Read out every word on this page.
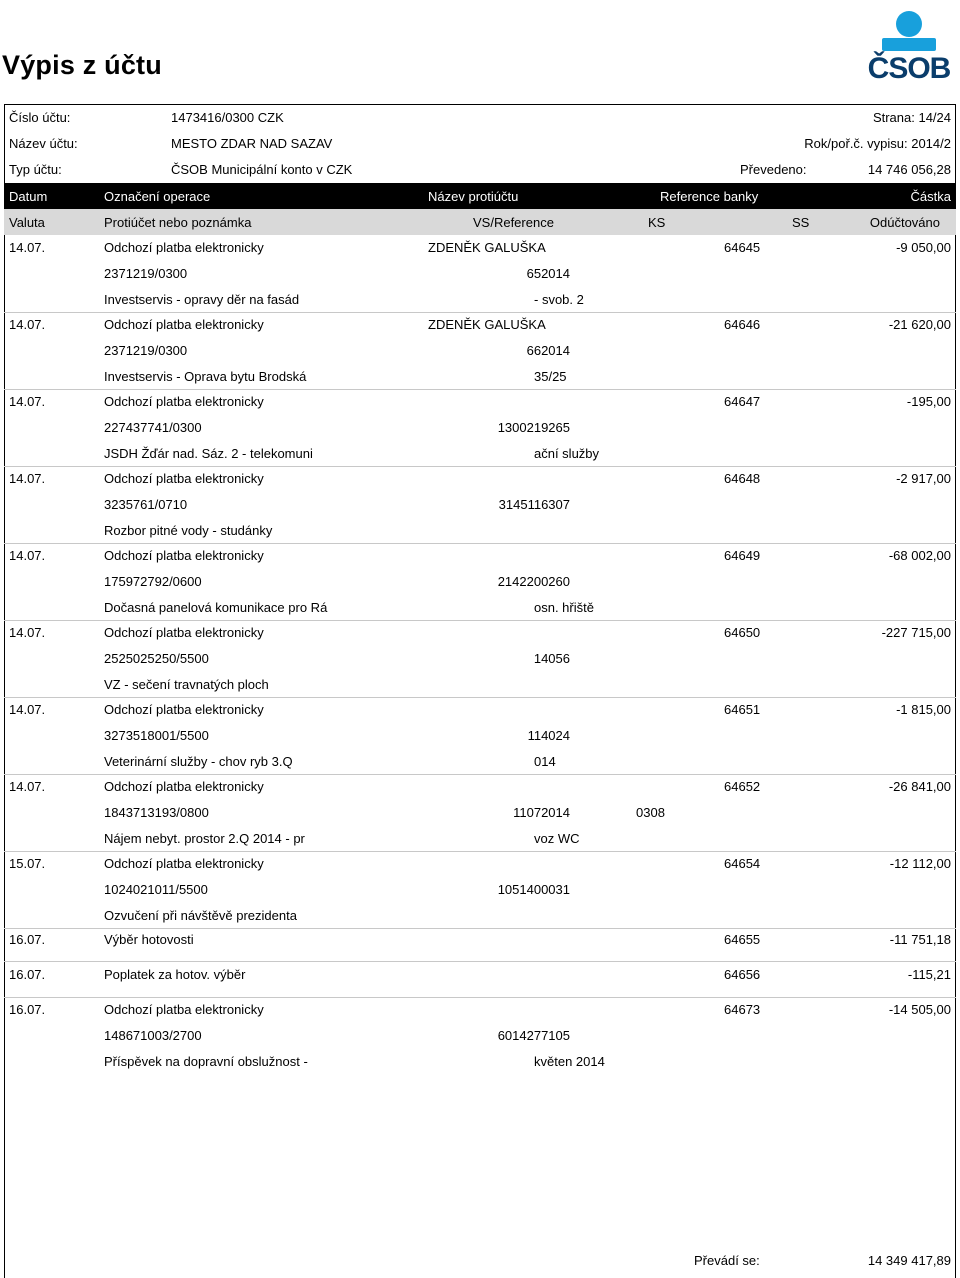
Výpis z účtu	ČSOB
Číslo účtu:	1473416/0300 CZK	Strana: 14/24
Název účtu:	MESTO ZDAR NAD SAZAV	Rok/poř.č. vypisu: 2014/2
Typ účtu:	ČSOB Municipální konto v CZK	Převedeno:	14 746 056,28
Datum	Označení operace	Název protiúčtu	Reference banky	Částka
Valuta	Protiúčet nebo poznámka	VS/Reference	KS	SS	Odúčtováno
14.07.	Odchozí platba elektronicky	ZDENĚK GALUŠKA	64645	-9 050,00
2371219/0300	652014
Investservis - opravy děr na fasád	- svob. 2
14.07.	Odchozí platba elektronicky	ZDENĚK GALUŠKA	64646	-21 620,00
2371219/0300	662014
Investservis - Oprava bytu Brodská	35/25
14.07.	Odchozí platba elektronicky	64647	-195,00
227437741/0300	1300219265
JSDH Žďár nad. Sáz. 2 - telekomuni	ační služby
14.07.	Odchozí platba elektronicky	64648	-2 917,00
3235761/0710	3145116307
Rozbor pitné vody - studánky
14.07.	Odchozí platba elektronicky	64649	-68 002,00
175972792/0600	2142200260
Dočasná panelová komunikace pro Rá	osn. hřiště
14.07.	Odchozí platba elektronicky	64650	-227 715,00
2525025250/5500	14056
VZ - sečení travnatých ploch
14.07.	Odchozí platba elektronicky	64651	-1 815,00
3273518001/5500	114024
Veterinární služby - chov ryb 3.Q	014
14.07.	Odchozí platba elektronicky	64652	-26 841,00
1843713193/0800	11072014	0308
Nájem nebyt. prostor 2.Q 2014 - pr	voz WC
15.07.	Odchozí platba elektronicky	64654	-12 112,00
1024021011/5500	1051400031
Ozvučení při návštěvě prezidenta
16.07.	Výběr hotovosti	64655	-11 751,18
16.07.	Poplatek za hotov. výběr	64656	-115,21
16.07.	Odchozí platba elektronicky	64673	-14 505,00
148671003/2700	6014277105
Příspěvek na dopravní obslužnost -	květen 2014
Převádí se:	14 349 417,89
